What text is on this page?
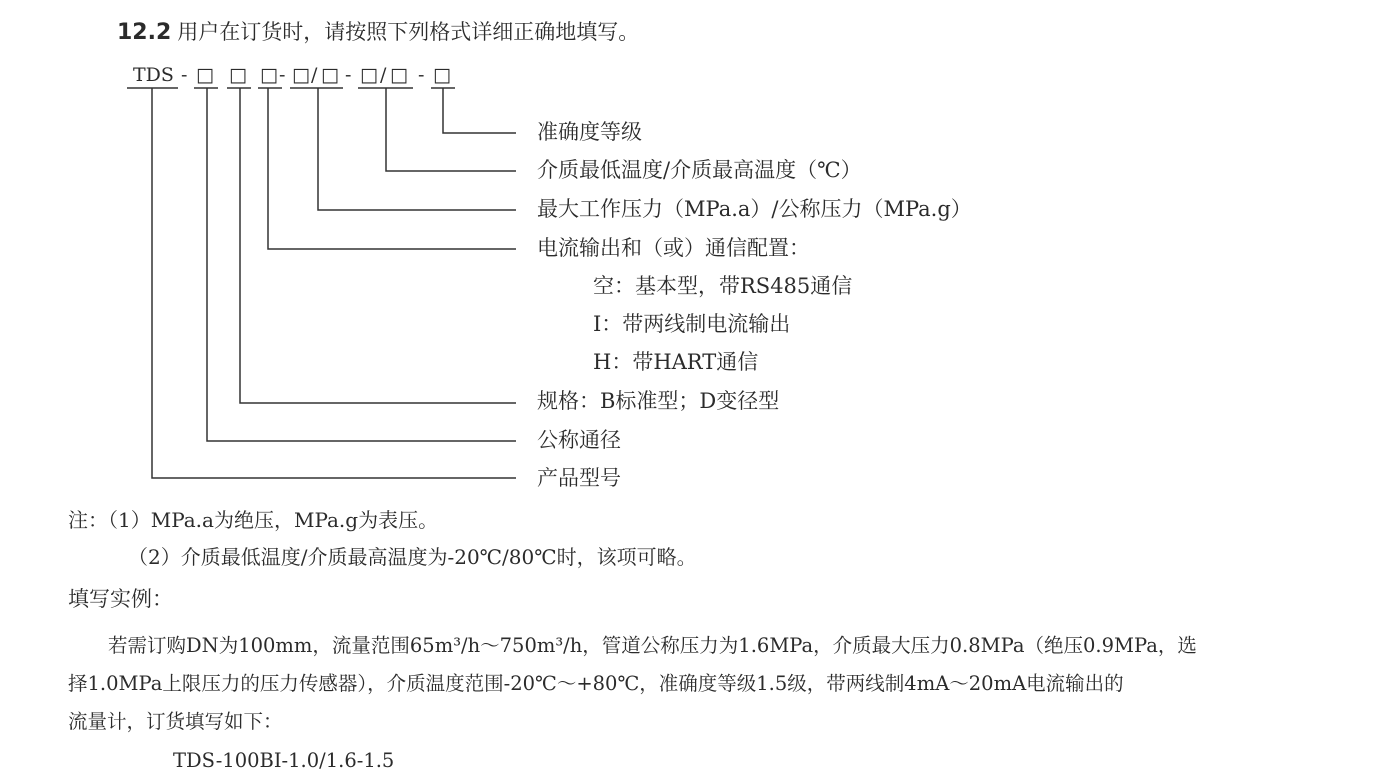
12.2 用户在订货时，请按照下列格式详细正确地填写。
TDS - □ □ □ - □ / □ - □ / □ - □
准确度等级
介质最低温度/介质最高温度（℃）
最大工作压力（MPa.a）/公称压力（MPa.g）
电流输出和（或）通信配置：
空：基本型，带RS485通信
I：带两线制电流输出
H：带HART通信
规格：B标准型；D变径型
公称通径
产品型号
注：（1）MPa.a为绝压，MPa.g为表压。
（2）介质最低温度/介质最高温度为-20℃/80℃时，该项可略。
填写实例：
若需订购DN为100mm，流量范围65m³/h～750m³/h，管道公称压力为1.6MPa，介质最大压力0.8MPa（绝压0.9MPa，选
择1.0MPa上限压力的压力传感器），介质温度范围-20℃～+80℃，准确度等级1.5级，带两线制4mA～20mA电流输出的
流量计，订货填写如下：
TDS-100BI-1.0/1.6-1.5
